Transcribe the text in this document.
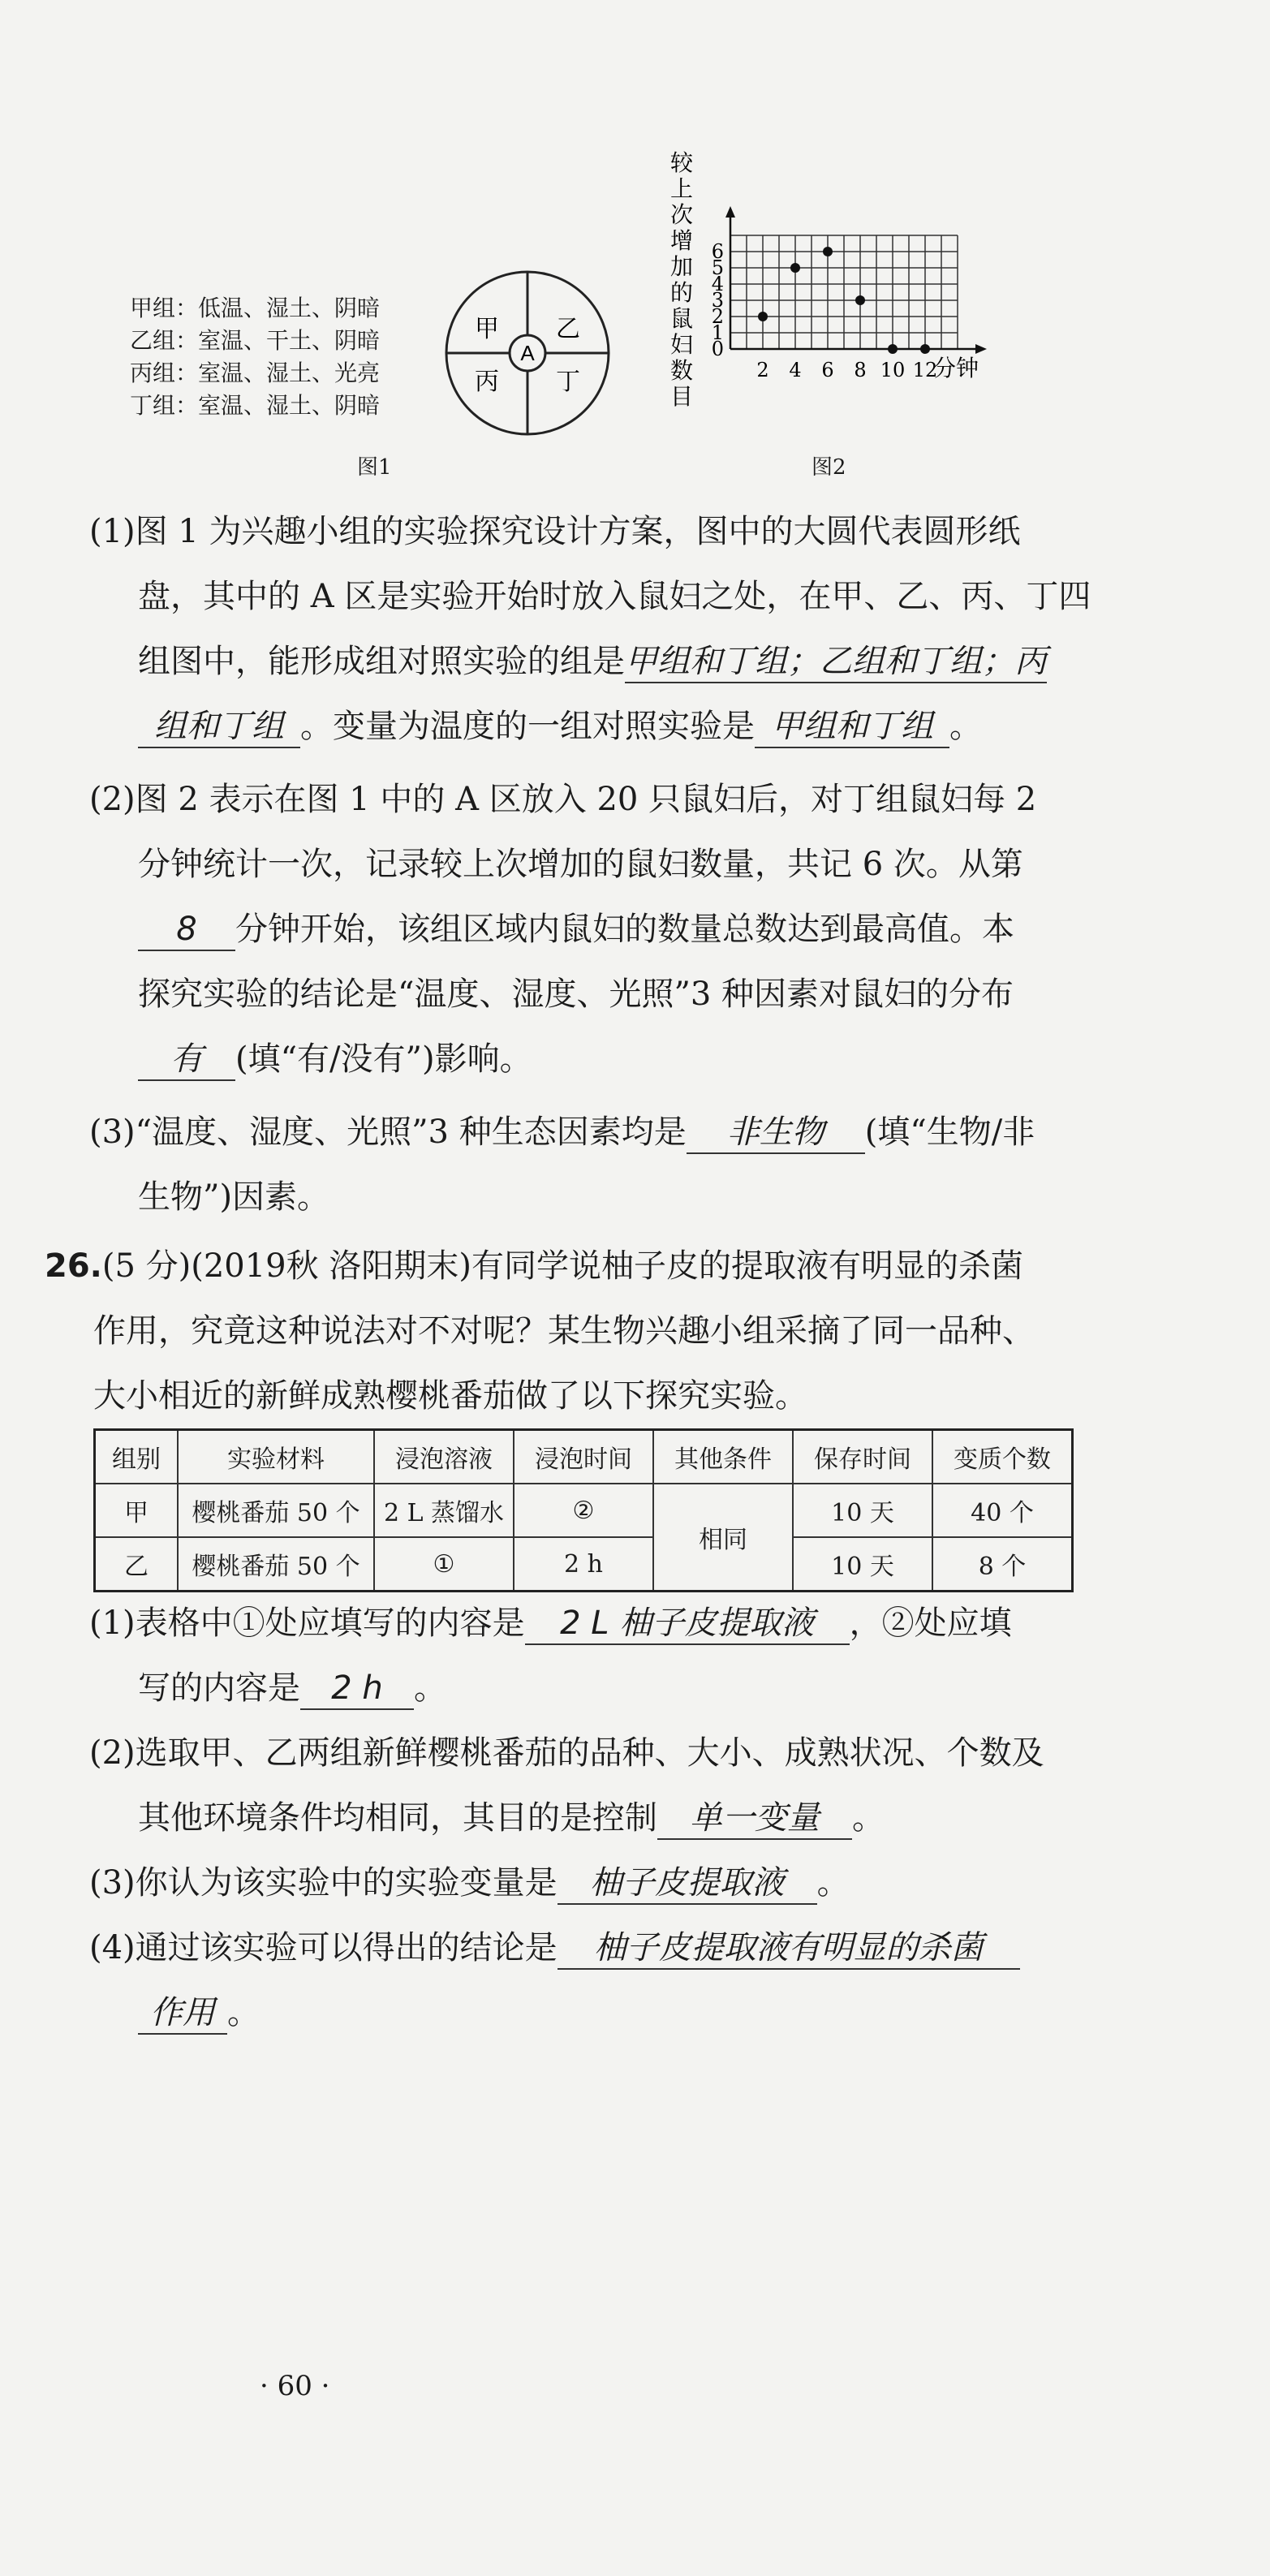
甲组：低温、湿土、阴暗
乙组：室温、干土、阴暗
丙组：室温、湿土、光亮
丁组：室温、湿土、阴暗
A
甲 乙
丙 丁
图1
较
上
次
增
加
的
鼠
妇
数
目
2 4 6 8 10 12
0
1
2
3
4
5
6
分钟
图2
(1)图 1 为兴趣小组的实验探究设计方案，图中的大圆代表圆形纸
盘，其中的 A 区是实验开始时放入鼠妇之处，在甲、乙、丙、丁四
组图中，能形成组对照实验的组是甲组和丁组；乙组和丁组；丙
组和丁组 。变量为温度的一组对照实验是 甲组和丁组 。
(2)图 2 表示在图 1 中的 A 区放入 20 只鼠妇后，对丁组鼠妇每 2
分钟统计一次，记录较上次增加的鼠妇数量，共记 6 次。从第
8 分钟开始，该组区域内鼠妇的数量总数达到最高值。本
探究实验的结论是“温度、湿度、光照”3 种因素对鼠妇的分布
有 (填“有/没有”)影响。
(3)“温度、湿度、光照”3 种生态因素均是 非生物 (填“生物/非
生物”)因素。
26.(5 分)(2019秋 洛阳期末)有同学说柚子皮的提取液有明显的杀菌
作用，究竟这种说法对不对呢？某生物兴趣小组采摘了同一品种、
大小相近的新鲜成熟樱桃番茄做了以下探究实验。
组别	实验材料	浸泡溶液	浸泡时间	其他条件	保存时间	变质个数
甲	樱桃番茄 50 个	2 L 蒸馏水	②	相同	10 天	40 个
乙	樱桃番茄 50 个	①	2 h		10 天	8 个
(1)表格中①处应填写的内容是 2 L 柚子皮提取液 ，②处应填
写的内容是 2 h 。
(2)选取甲、乙两组新鲜樱桃番茄的品种、大小、成熟状况、个数及
其他环境条件均相同，其目的是控制 单一变量 。
(3)你认为该实验中的实验变量是 柚子皮提取液 。
(4)通过该实验可以得出的结论是 柚子皮提取液有明显的杀菌
作用 。
· 60 ·
